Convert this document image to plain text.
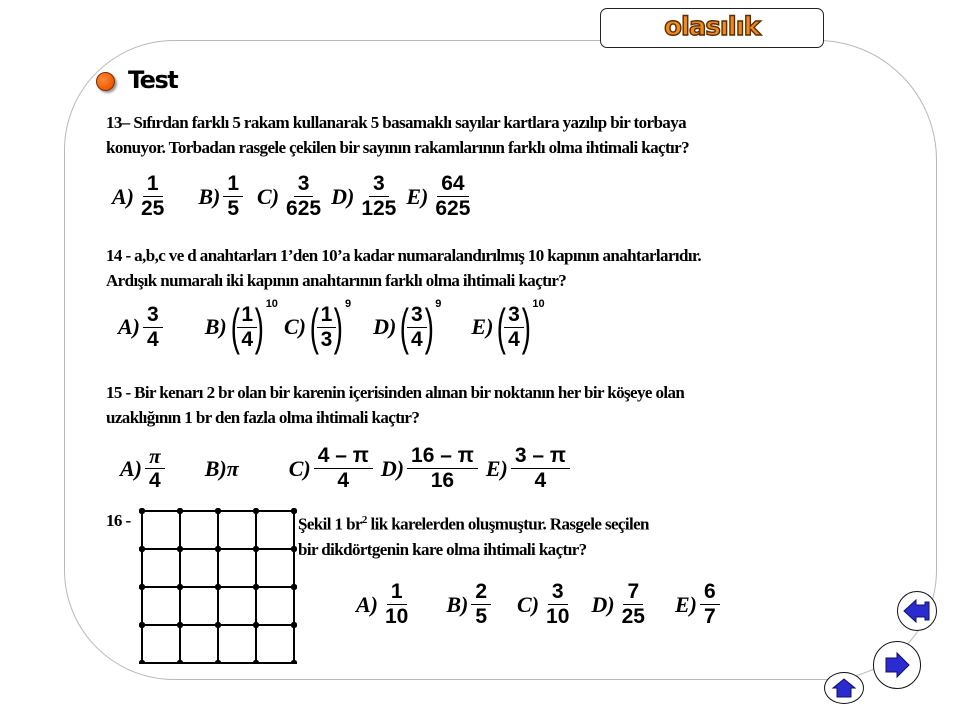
olasılık
Test
13– Sıfırdan farklı 5 rakam kullanarak 5 basamaklı sayılar kartlara yazılıp bir torbaya
konuyor. Torbadan rasgele çekilen bir sayının rakamlarının farklı olma ihtimali kaçtır?
$A) \frac{1}{25} B) \frac{1}{5} C) \frac{3}{625} D) \frac{3}{125} E) \frac{64}{625}$
14 - a,b,c ve d anahtarları 1’den 10’a kadar numaralandırılmış 10 kapının anahtarlarıdır.
Ardışık numaralı iki kapının anahtarının farklı olma ihtimali kaçtır?
$A) \frac{3}{4} B$) (
$\frac{1}{4}$
) 10
C) (
$\frac{1}{3}$
) 9
D) (
$\frac{3}{4}$
) 9
E) (
$\frac{3}{4}$
) 10
15 - Bir kenarı 2 br olan bir karenin içerisinden alınan bir noktanın her bir köşeye olan
uzaklığının 1 br den fazla olma ihtimali kaçtır?
$A) \frac{\pi}{4} B$) π $C) \frac{4 - \pi}{4} D) \frac{16 - \pi}{16} E) \frac{3 - \pi}{4}$
16 -	Şekil 1 $br^2$ lik karelerden oluşmuştur. Rasgele seçilen
bir dikdörtgenin kare olma ihtimali kaçtır?
$A) \frac{1}{10} B) \frac{2}{5} C) \frac{3}{10} D) \frac{7}{25} E) \frac{6}{7}$
